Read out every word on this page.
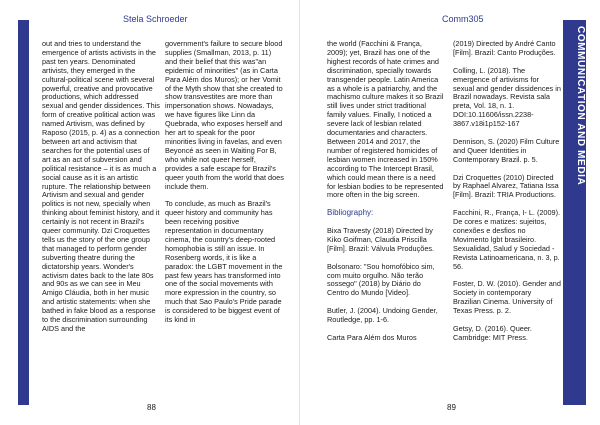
COMMUNICATION AND MEDIA
Stela Schroeder	Comm305

out and tries to understand the emergence of artists activists in the past ten years. Denominated artivists, they emerged in the cultural-political scene with several powerful, creative and provocative productions, which addressed sexual and gender dissidences. This form of creative political action was named Artivism, was defined by Raposo (2015, p. 4) as a connection between art and activism that searches for the potential uses of art as an act of subversion and political resistance – it is as much a social cause as it is an artistic rupture. The relationship between Artivism and sexual and gender politics is not new, specially when thinking about feminist history, and it certainly is not recent in Brazil's queer community. Dzi Croquettes tells us the story of the one group that managed to perform gender subverting theatre during the dictatorship years. Wonder's activism dates back to the late 80s and 90s as we can see in Meu Amigo Cláudia, both in her music and artistic statements: when she bathed in fake blood as a response to the discrimination surrounding AIDS and the

government's failure to secure blood supplies (Smallman, 2013, p. 11) and their belief that this was"an epidemic of minorities" (as in Carta Para Além dos Muros); or her Vomit of the Myth show that she created to show transvestites are more than impersonation shows. Nowadays, we have figures like Linn da Quebrada, who exposes herself and her art to speak for the poor minorities living in favelas, and even Beyoncé as seen in Waiting For B, who while not queer herself, provides a safe escape for Brazil's queer youth from the world that does include them.

To conclude, as much as Brazil's queer history and community has been receiving positive representation in documentary cinema, the country's deep-rooted homophobia is still an issue. In Rosenberg words, it is like a paradox: the LGBT movement in the past few years has transformed into one of the social movements with more expression in the country, so much that Sao Paulo's Pride parade is considered to be biggest event of its kind in

the world (Facchini & França, 2009); yet, Brazil has one of the highest records of hate crimes and discrimination, specially towards transgender people. Latin America as a whole is a patriarchy, and the machismo culture makes it so Brazil still lives under strict traditional family values. Finally, I noticed a severe lack of lesbian related documentaries and characters. Between 2014 and 2017, the number of registered homicides of lesbian women increased in 150% according to The Intercept Brasil, which could mean there is a need for lesbian bodies to be represented more often in the big screen.

Bibliography:

Bixa Travesty (2018) Directed by Kiko Goifman, Claudia Priscilla [Film]. Brazil: Válvula Produções.

Bolsonaro: "Sou homofóbico sim, com muito orgulho. Não terão sossego" (2018) by Diário do Centro do Mundo [Video].

Butler, J. (2004). Undoing Gender, Routledge, pp. 1-6.

Carta Para Além dos Muros

(2019) Directed by André Canto [Film]. Brazil: Canto Produções.

Colling, L. (2018). The emergence of artivisms for sexual and gender dissidences in Brazil nowadays. Revista sala preta, Vol. 18, n. 1. DOI:10.11606/issn.2238-3867.v18i1p152-167

Dennison, S. (2020) Film Culture and Queer Identities in Contemporary Brazil. p. 5.

Dzi Croquettes (2010) Directed by Raphael Alvarez, Tatiana Issa [Film]. Brazil: TRIA Productions.

Facchini, R., França, I- L. (2009). De cores e matizes: sujeitos, conexões e desfios no Movimento lgbt brasileiro. Sexualidad, Salud y Sociedad - Revista Latinoamericana, n. 3, p. 56.

Foster, D. W. (2010). Gender and Society in contemporary Brazilian Cinema. University of Texas Press. p. 2.

Getsy, D. (2016). Queer. Cambridge: MIT Press.

88	89
